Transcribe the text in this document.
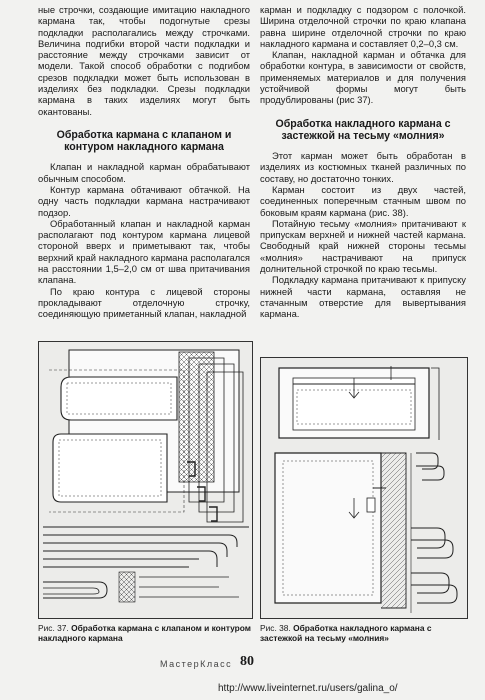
ные строчки, создающие имитацию накладного кармана так, чтобы подогнутые срезы подкладки располагались между строчками. Величина подгибки второй части подкладки и расстояние между строчками зависит от модели. Такой способ обработки с подгибом срезов подкладки может быть использован в изделиях без подкладки. Срезы подкладки кармана в таких изделиях могут быть окантованы.

Обработка кармана с клапаном и контуром накладного кармана

Клапан и накладной карман обрабатывают обычным способом.

Контур кармана обтачивают обтачкой. На одну часть подкладки кармана настрачивают подзор.

Обработанный клапан и накладной карман располагают под контуром кармана лицевой стороной вверх и приметывают так, чтобы верхний край накладного кармана располагался на расстоянии 1,5–2,0 см от шва притачивания клапана.

По краю контура с лицевой стороны прокладывают отделочную строчку, соединяющую приметанный клапан, накладной

карман и подкладку с подзором с полочкой. Ширина отделочной строчки по краю клапана равна ширине отделочной строчки по краю накладного кармана и составляет 0,2–0,3 см.

Клапан, накладной карман и обтачка для обработки контура, в зависимости от свойств, применяемых материалов и для получения устойчивой формы могут быть продублированы (рис 37).

Обработка накладного кармана с застежкой на тесьму «молния»

Этот карман может быть обработан в изделиях из костюмных тканей различных по составу, но достаточно тонких.

Карман состоит из двух частей, соединенных поперечным стачным швом по боковым краям кармана (рис. 38).

Потайную тесьму «молния» притачивают к припускам верхней и нижней частей кармана. Свободный край нижней стороны тесьмы «молния» настрачивают на припуск долнительной строчкой по краю тесьмы.

Подкладку кармана притачивают к припуску нижней части кармана, оставляя не стачанным отверстие для вывертывания кармана.

Рис. 37. Обработка кармана с клапаном и контуром накладного кармана
Рис. 38. Обработка накладного кармана с застежкой на тесьму «молния»
МастерКласс 80
http://www.liveinternet.ru/users/galina_o/
